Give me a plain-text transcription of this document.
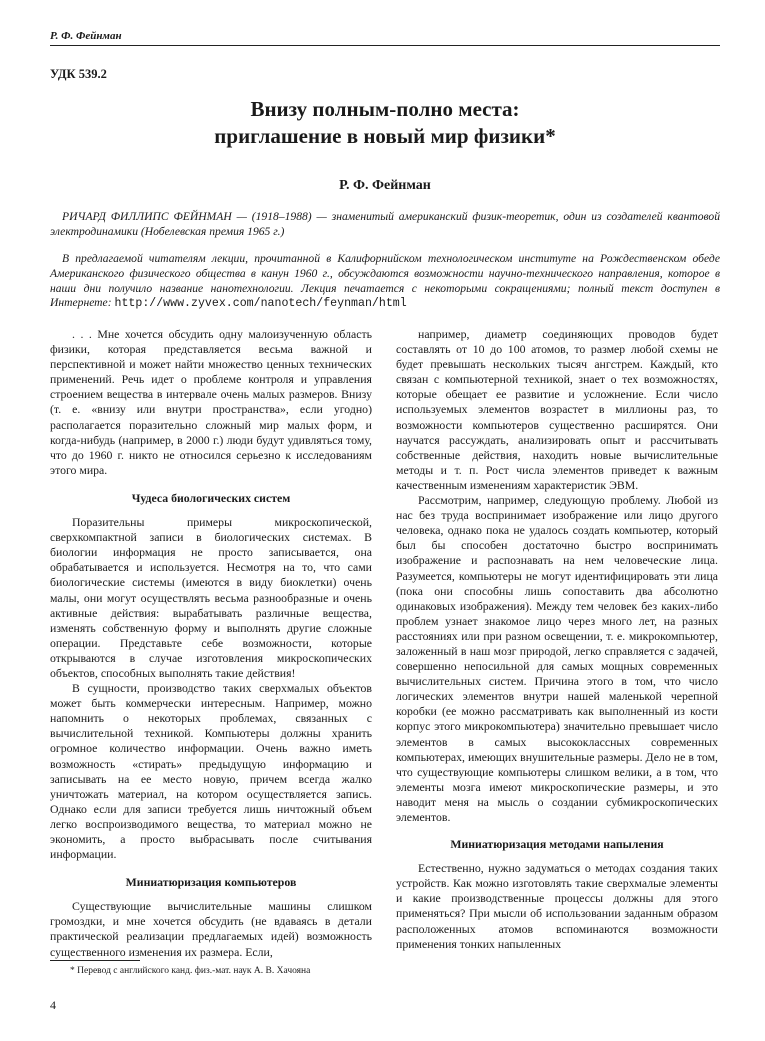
Р. Ф. Фейнман
УДК 539.2
Внизу полным-полно места:
приглашение в новый мир физики*
Р. Ф. Фейнман
РИЧАРД ФИЛЛИПС ФЕЙНМАН — (1918–1988) — знаменитый американский физик-теоретик, один из создателей квантовой электродинамики (Нобелевская премия 1965 г.)
В предлагаемой читателям лекции, прочитанной в Калифорнийском технологическом институте на Рождественском обеде Американского физического общества в канун 1960 г., обсуждаются возможности научно-технического направления, которое в наши дни получило название нанотехнологии. Лекция печатается с некоторыми сокращениями; полный текст доступен в Интернете: http://www.zyvex.com/nanotech/feynman/html

. . . Мне хочется обсудить одну малоизученную область физики, которая представляется весьма важной и перспективной и может найти множество ценных технических применений. Речь идет о проблеме контроля и управления строением вещества в интервале очень малых размеров. Внизу (т. е. «внизу или внутри пространства», если угодно) располагается поразительно сложный мир малых форм, и когда-нибудь (например, в 2000 г.) люди будут удивляться тому, что до 1960 г. никто не относился серьезно к исследованиям этого мира.

Чудеса биологических систем

Поразительны примеры микроскопической, сверхкомпактной записи в биологических системах. В биологии информация не просто записывается, она обрабатывается и используется. Несмотря на то, что сами биологические системы (имеются в виду биоклетки) очень малы, они могут осуществлять весьма разнообразные и очень активные действия: вырабатывать различные вещества, изменять собственную форму и выполнять другие сложные операции. Представьте себе возможности, которые открываются в случае изготовления микроскопических объектов, способных выполнять такие действия!

В сущности, производство таких сверхмалых объектов может быть коммерчески интересным. Например, можно напомнить о некоторых проблемах, связанных с вычислительной техникой. Компьютеры должны хранить огромное количество информации. Очень важно иметь возможность «стирать» предыдущую информацию и записывать на ее место новую, причем всегда жалко уничтожать материал, на котором осуществляется запись. Однако если для записи требуется лишь ничтожный объем легко воспроизводимого вещества, то материал можно не экономить, а просто выбрасывать после считывания информации.

Миниатюризация компьютеров

Существующие вычислительные машины слишком громоздки, и мне хочется обсудить (не вдаваясь в детали практической реализации предлагаемых идей) возможность существенного изменения их размера. Если,

например, диаметр соединяющих проводов будет составлять от 10 до 100 атомов, то размер любой схемы не будет превышать нескольких тысяч ангстрем. Каждый, кто связан с компьютерной техникой, знает о тех возможностях, которые обещает ее развитие и усложнение. Если число используемых элементов возрастет в миллионы раз, то возможности компьютеров существенно расширятся. Они научатся рассуждать, анализировать опыт и рассчитывать собственные действия, находить новые вычислительные методы и т. п. Рост числа элементов приведет к важным качественным изменениям характеристик ЭВМ.

Рассмотрим, например, следующую проблему. Любой из нас без труда воспринимает изображение или лицо другого человека, однако пока не удалось создать компьютер, который был бы способен достаточно быстро воспринимать изображение и распознавать на нем человеческие лица. Разумеется, компьютеры не могут идентифицировать эти лица (пока они способны лишь сопоставить два абсолютно одинаковых изображения). Между тем человек без каких-либо проблем узнает знакомое лицо через много лет, на разных расстояниях или при разном освещении, т. е. микрокомпьютер, заложенный в наш мозг природой, легко справляется с задачей, совершенно непосильной для самых мощных современных вычислительных систем. Причина этого в том, что число логических элементов внутри нашей маленькой черепной коробки (ее можно рассматривать как выполненный из кости корпус этого микрокомпьютера) значительно превышает число элементов в самых высококлассных современных компьютерах, имеющих внушительные размеры. Дело не в том, что существующие компьютеры слишком велики, а в том, что элементы мозга имеют микроскопические размеры, и это наводит меня на мысль о создании субмикроскопических элементов.

Миниатюризация методами напыления

Естественно, нужно задуматься о методах создания таких устройств. Как можно изготовлять такие сверхмалые элементы и какие производственные процессы должны для этого применяться? При мысли об использовании заданным образом расположенных атомов вспоминаются возможности применения тонких напыленных

* Перевод с английского канд. физ.-мат. наук А. В. Хачояна
4
